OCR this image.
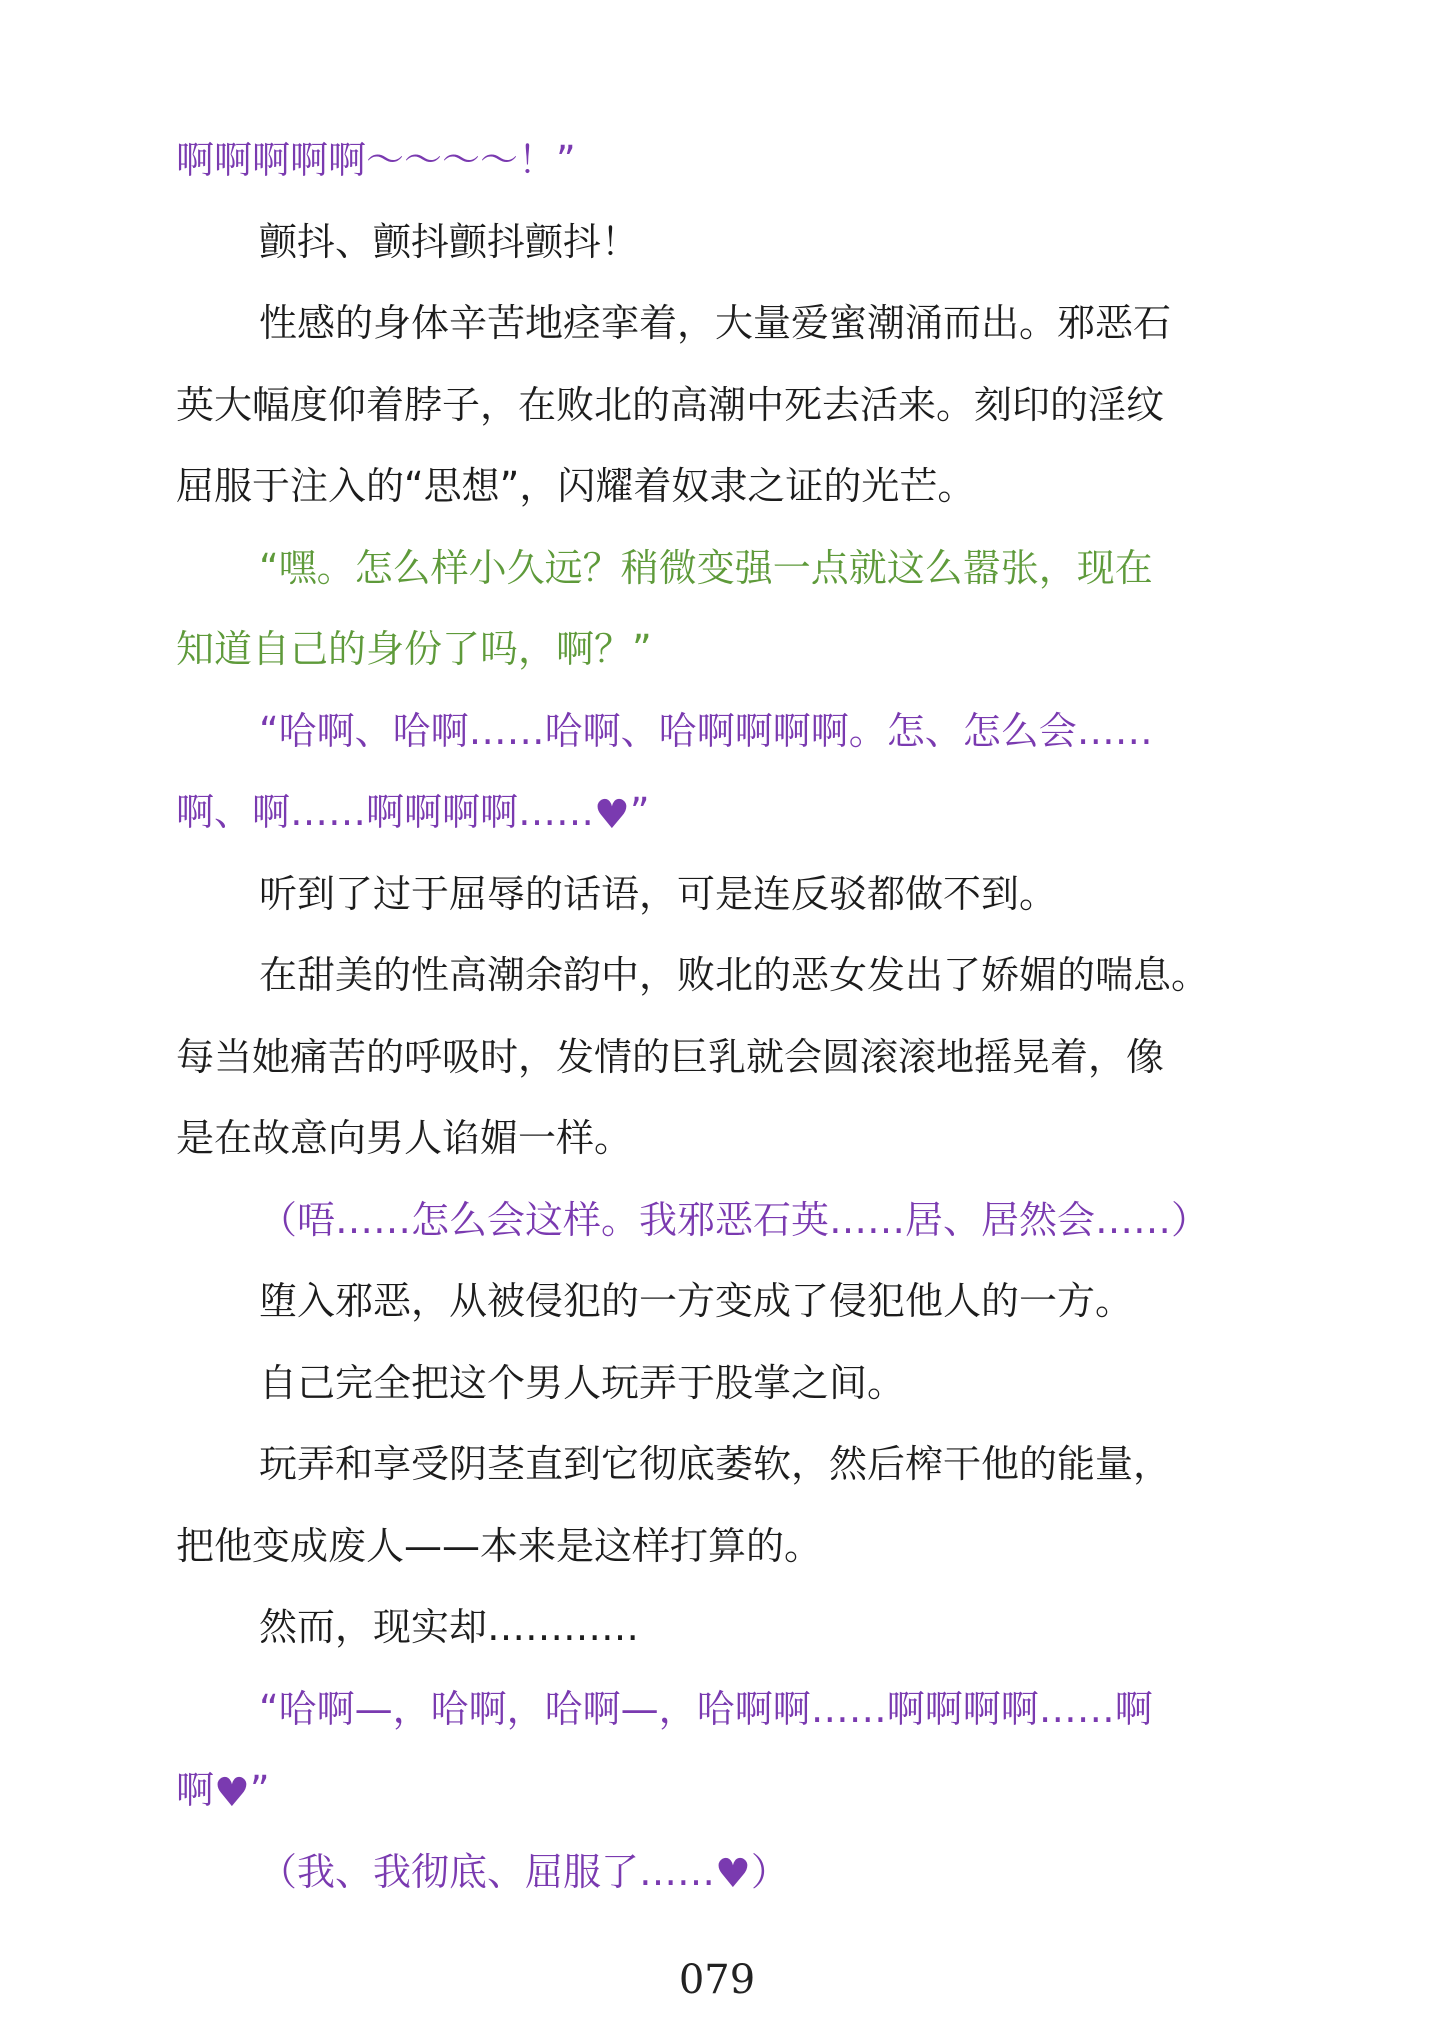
啊啊啊啊啊～～～～！”
颤抖、颤抖颤抖颤抖！
性感的身体辛苦地痉挛着，大量爱蜜潮涌而出。邪恶石
英大幅度仰着脖子，在败北的高潮中死去活来。刻印的淫纹
屈服于注入的“思想”，闪耀着奴隶之证的光芒。
“嘿。怎么样小久远？稍微变强一点就这么嚣张，现在
知道自己的身份了吗，啊？”
“哈啊、哈啊……哈啊、哈啊啊啊啊。怎、怎么会……
啊、啊……啊啊啊啊……♥”
听到了过于屈辱的话语，可是连反驳都做不到。
在甜美的性高潮余韵中，败北的恶女发出了娇媚的喘息。
每当她痛苦的呼吸时，发情的巨乳就会圆滚滚地摇晃着，像
是在故意向男人谄媚一样。
（唔……怎么会这样。我邪恶石英……居、居然会……）
堕入邪恶，从被侵犯的一方变成了侵犯他人的一方。
自己完全把这个男人玩弄于股掌之间。
玩弄和享受阴茎直到它彻底萎软，然后榨干他的能量，
把他变成废人——本来是这样打算的。
然而，现实却…………
“哈啊—，哈啊，哈啊—，哈啊啊……啊啊啊啊……啊
啊♥”
（我、我彻底、屈服了……♥）
079
